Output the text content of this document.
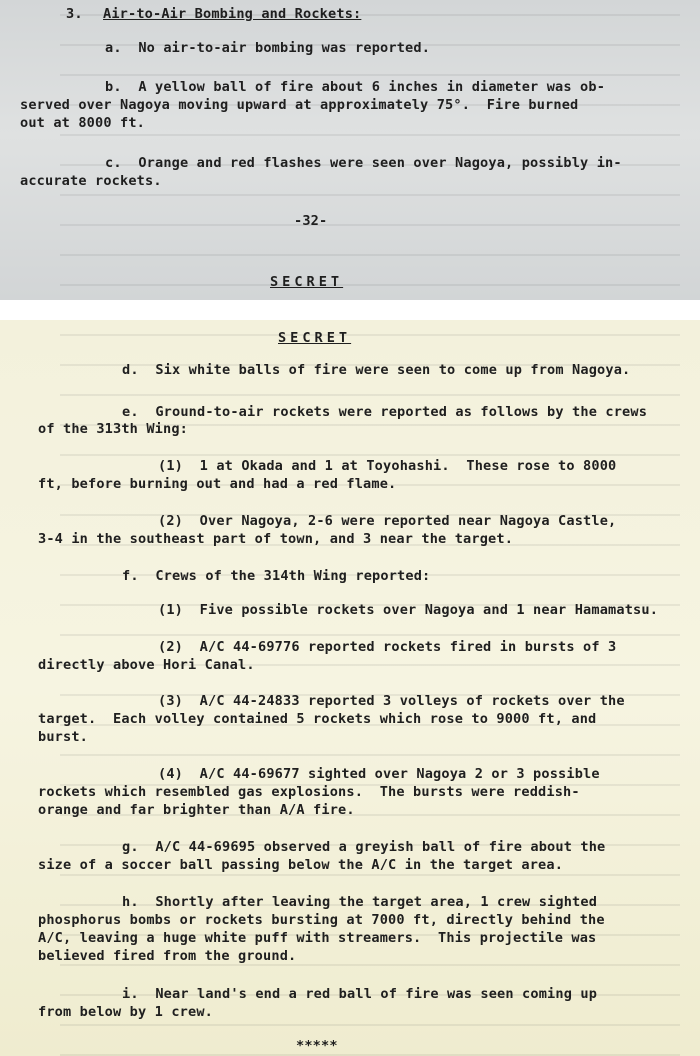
3. Air-to-Air Bombing and Rockets:
a.  No air-to-air bombing was reported.
b.  A yellow ball of fire about 6 inches in diameter was ob-
served over Nagoya moving upward at approximately 75°.  Fire burned
out at 8000 ft.
c.  Orange and red flashes were seen over Nagoya, possibly in-
accurate rockets.
-32-
SECRET
SECRET
d.  Six white balls of fire were seen to come up from Nagoya.
e.  Ground-to-air rockets were reported as follows by the crews
of the 313th Wing:
(1)  1 at Okada and 1 at Toyohashi.  These rose to 8000
ft, before burning out and had a red flame.
(2)  Over Nagoya, 2-6 were reported near Nagoya Castle,
3-4 in the southeast part of town, and 3 near the target.
f.  Crews of the 314th Wing reported:
(1)  Five possible rockets over Nagoya and 1 near Hamamatsu.
(2)  A/C 44-69776 reported rockets fired in bursts of 3
directly above Hori Canal.
(3)  A/C 44-24833 reported 3 volleys of rockets over the
target.  Each volley contained 5 rockets which rose to 9000 ft, and
burst.
(4)  A/C 44-69677 sighted over Nagoya 2 or 3 possible
rockets which resembled gas explosions.  The bursts were reddish-
orange and far brighter than A/A fire.
g.  A/C 44-69695 observed a greyish ball of fire about the
size of a soccer ball passing below the A/C in the target area.
h.  Shortly after leaving the target area, 1 crew sighted
phosphorus bombs or rockets bursting at 7000 ft, directly behind the
A/C, leaving a huge white puff with streamers.  This projectile was
believed fired from the ground.
i.  Near land's end a red ball of fire was seen coming up
from below by 1 crew.
*****
